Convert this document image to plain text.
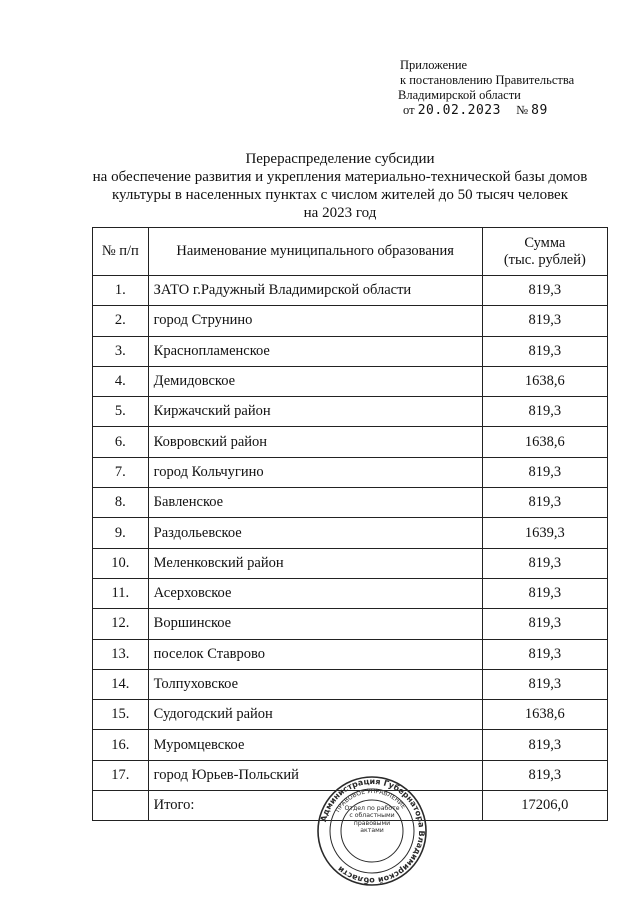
Приложение
к постановлению Правительства
Владимирской области
от 20.02.2023 № 89
Перераспределение субсидии
на обеспечение развития и укрепления материально-технической базы домов
культуры в населенных пунктах с числом жителей до 50 тысяч человек
на 2023 год
№ п/п	Наименование муниципального образования	Сумма
(тыс. рублей)

1.	ЗАТО г.Радужный Владимирской области	819,3
2.	город Струнино	819,3
3.	Краснопламенское	819,3
4.	Демидовское	1638,6
5.	Киржачский район	819,3
6.	Ковровский район	1638,6
7.	город Кольчугино	819,3
8.	Бавленское	819,3
9.	Раздольевское	1639,3
10.	Меленковский район	819,3
11.	Асерховское	819,3
12.	Воршинское	819,3
13.	поселок Ставрово	819,3
14.	Толпуховское	819,3
15.	Судогодский район	1638,6
16.	Муромцевское	819,3
17.	город Юрьев-Польский	819,3
	Итого:	17206,0
Администрация Губернатора Владимирской области
ПРАВОВОЕ УПРАВЛЕНИЕ
Отдел по работе с областными правовыми актами
